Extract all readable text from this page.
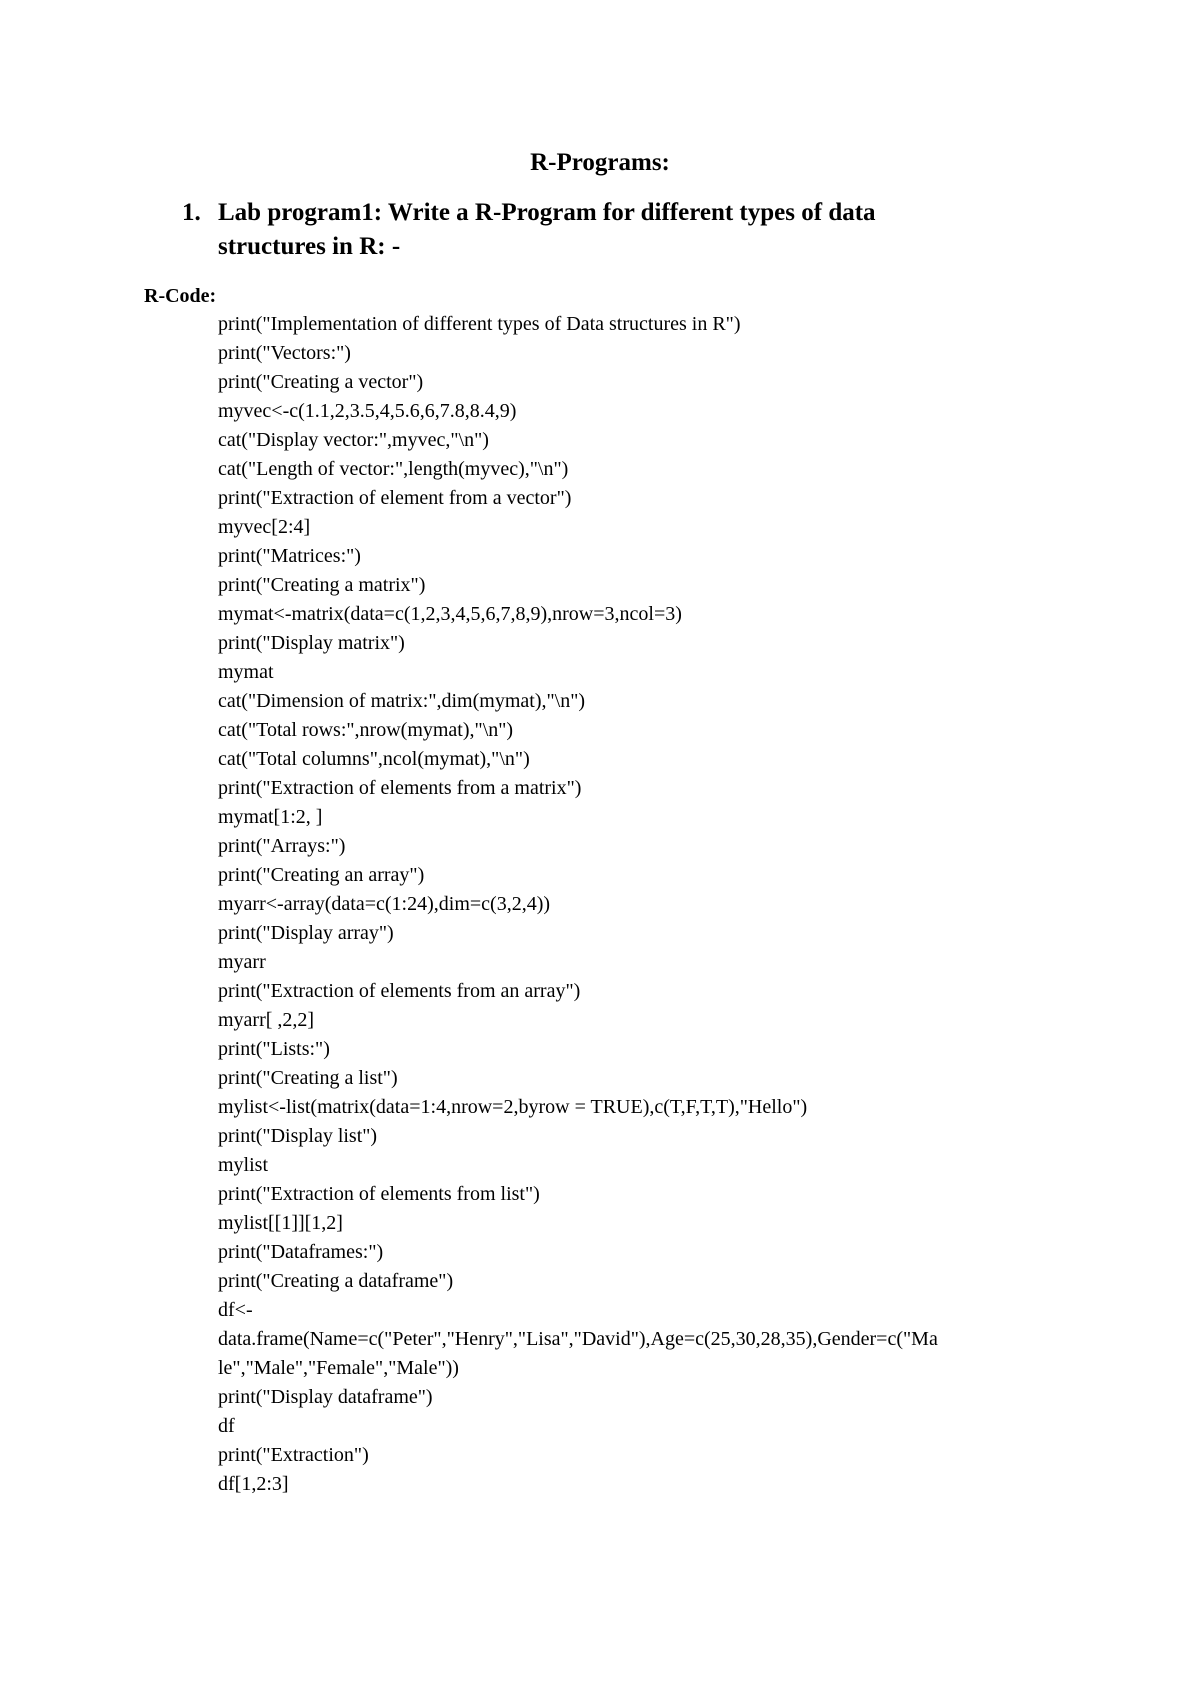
R-Programs:
1. Lab program1: Write a R-Program for different types of data structures in R: -
R-Code:
print("Implementation of different types of Data structures in R")
print("Vectors:")
print("Creating a vector")
myvec<-c(1.1,2,3.5,4,5.6,6,7.8,8.4,9)
cat("Display vector:",myvec,"\n")
cat("Length of vector:",length(myvec),"\n")
print("Extraction of element from a vector")
myvec[2:4]
print("Matrices:")
print("Creating a matrix")
mymat<-matrix(data=c(1,2,3,4,5,6,7,8,9),nrow=3,ncol=3)
print("Display matrix")
mymat
cat("Dimension of matrix:",dim(mymat),"\n")
cat("Total rows:",nrow(mymat),"\n")
cat("Total columns",ncol(mymat),"\n")
print("Extraction of elements from a matrix")
mymat[1:2, ]
print("Arrays:")
print("Creating an array")
myarr<-array(data=c(1:24),dim=c(3,2,4))
print("Display array")
myarr
print("Extraction of elements from an array")
myarr[ ,2,2]
print("Lists:")
print("Creating a list")
mylist<-list(matrix(data=1:4,nrow=2,byrow = TRUE),c(T,F,T,T),"Hello")
print("Display list")
mylist
print("Extraction of elements from list")
mylist[[1]][1,2]
print("Dataframes:")
print("Creating a dataframe")
df<-
data.frame(Name=c("Peter","Henry","Lisa","David"),Age=c(25,30,28,35),Gender=c("Ma
le","Male","Female","Male"))
print("Display dataframe")
df
print("Extraction")
df[1,2:3]
